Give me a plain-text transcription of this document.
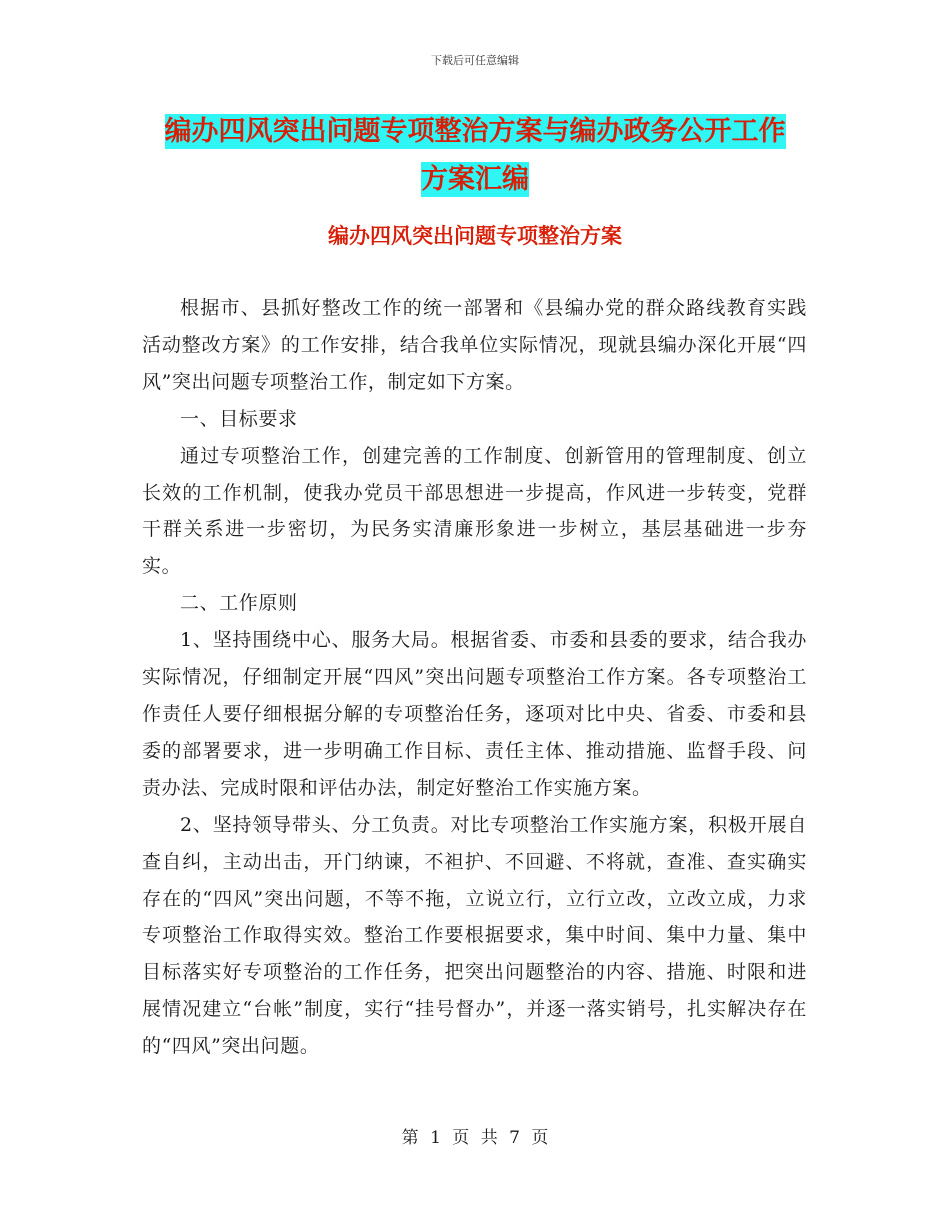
下载后可任意编辑
编办四风突出问题专项整治方案与编办政务公开工作
方案汇编
编办四风突出问题专项整治方案

根据市、县抓好整改工作的统一部署和《县编办党的群众路线教育实践活动整改方案》的工作安排，结合我单位实际情况，现就县编办深化开展“四风”突出问题专项整治工作，制定如下方案。

一、目标要求

通过专项整治工作，创建完善的工作制度、创新管用的管理制度、创立长效的工作机制，使我办党员干部思想进一步提高，作风进一步转变，党群干群关系进一步密切，为民务实清廉形象进一步树立，基层基础进一步夯实。

二、工作原则

1、坚持围绕中心、服务大局。根据省委、市委和县委的要求，结合我办实际情况，仔细制定开展“四风”突出问题专项整治工作方案。各专项整治工作责任人要仔细根据分解的专项整治任务，逐项对比中央、省委、市委和县委的部署要求，进一步明确工作目标、责任主体、推动措施、监督手段、问责办法、完成时限和评估办法，制定好整治工作实施方案。

2、坚持领导带头、分工负责。对比专项整治工作实施方案，积极开展自查自纠，主动出击，开门纳谏，不袒护、不回避、不将就，查准、查实确实存在的“四风”突出问题，不等不拖，立说立行，立行立改，立改立成，力求专项整治工作取得实效。整治工作要根据要求，集中时间、集中力量、集中目标落实好专项整治的工作任务，把突出问题整治的内容、措施、时限和进展情况建立“台帐”制度，实行“挂号督办”，并逐一落实销号，扎实解决存在的“四风”突出问题。

第 1 页 共 7 页
